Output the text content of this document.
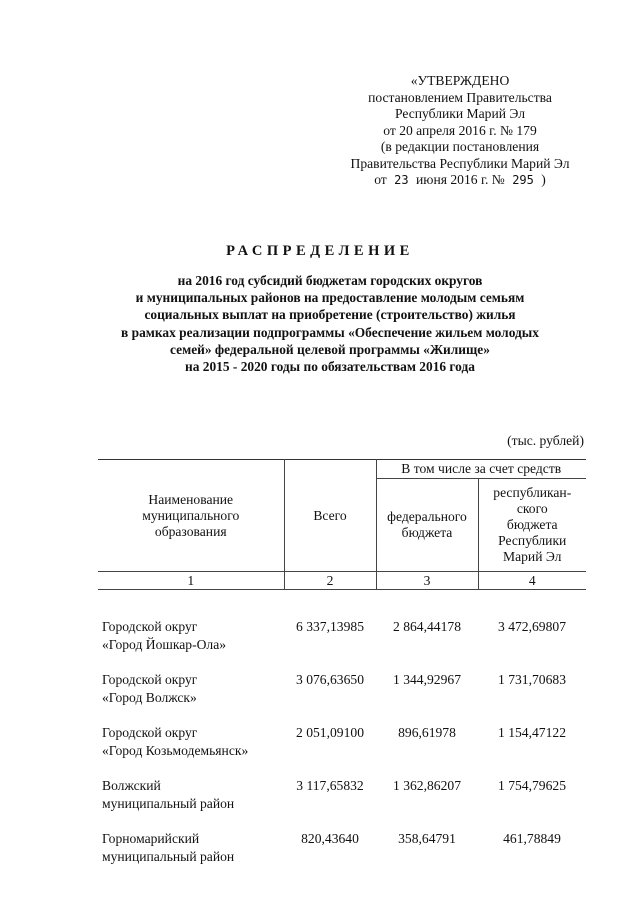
«УТВЕРЖДЕНО
постановлением Правительства
Республики Марий Эл
от 20 апреля 2016 г. № 179
(в редакции постановления
Правительства Республики Марий Эл
от 23 июня 2016 г. № 295 )
РАСПРЕДЕЛЕНИЕ
на 2016 год субсидий бюджетам городских округов
и муниципальных районов на предоставление молодым семьям
социальных выплат на приобретение (строительство) жилья
в рамках реализации подпрограммы «Обеспечение жильем молодых
семей» федеральной целевой программы «Жилище»
на 2015 - 2020 годы по обязательствам 2016 года
(тыс. рублей)
Наименование муниципального образования	Всего	В том числе за счет средств	
		федерального бюджета	республикан- ского бюджета Республики Марий Эл
1	2	3	4

Городской округ
«Город Йошкар-Ола»	6 337,13985	2 864,44178	3 472,69807

Городской округ
«Город Волжск»	3 076,63650	1 344,92967	1 731,70683

Городской округ
«Город Козьмодемьянск»	2 051,09100	896,61978	1 154,47122

Волжский
муниципальный район	3 117,65832	1 362,86207	1 754,79625

Горномарийский
муниципальный район	820,43640	358,64791	461,78849
